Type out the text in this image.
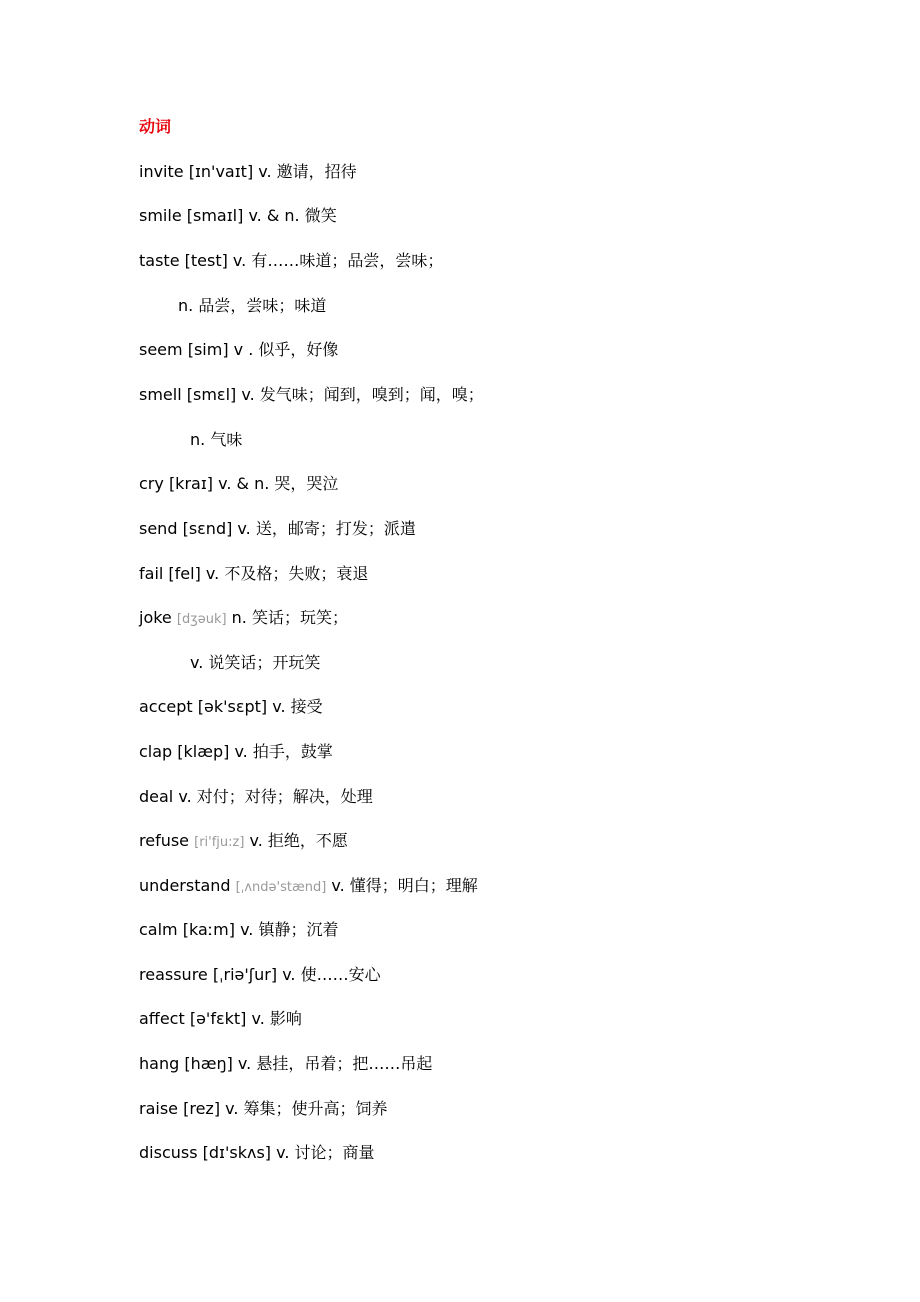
动词
invite [ɪn'vaɪt] v. 邀请，招待
smile [smaɪl] v. & n. 微笑
taste [test] v. 有……味道；品尝，尝味；
n. 品尝，尝味；味道
seem [sim] v . 似乎，好像
smell [smɛl] v. 发气味；闻到，嗅到；闻，嗅；
n. 气味
cry [kraɪ] v. & n. 哭，哭泣
send [sɛnd] v. 送，邮寄；打发；派遣
fail [fel] v. 不及格；失败；衰退
joke [dʒəuk] n. 笑话；玩笑；
v. 说笑话；开玩笑
accept [ək'sɛpt] v. 接受
clap [klæp] v. 拍手，鼓掌
deal v. 对付；对待；解决，处理
refuse [ri'fju:z] v. 拒绝，不愿
understand [ˌʌndə'stænd] v. 懂得；明白；理解
calm [kaːm] v. 镇静；沉着
reassure [ˌriə'ʃur] v. 使……安心
affect [ə'fɛkt] v. 影响
hang [hæŋ] v. 悬挂，吊着；把……吊起
raise [rez] v. 筹集；使升高；饲养
discuss [dɪ'skʌs] v. 讨论；商量
